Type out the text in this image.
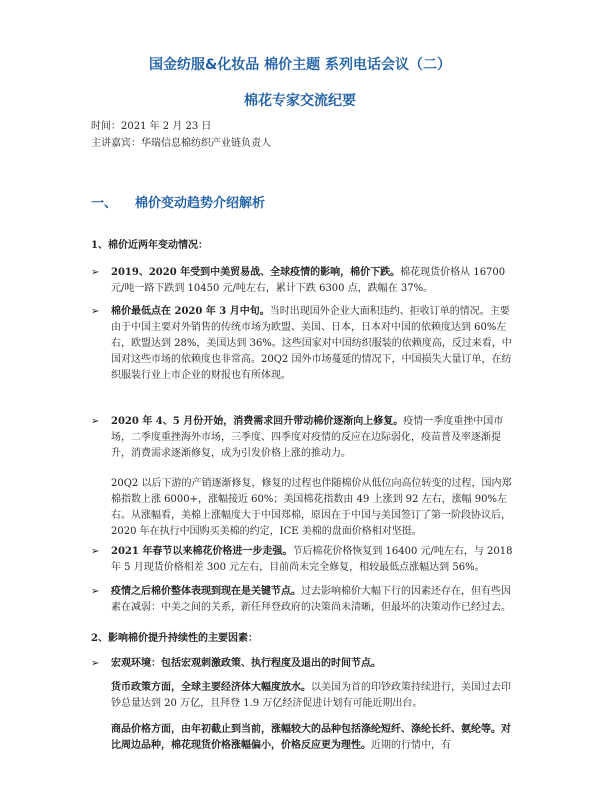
国金纺服&化妆品 棉价主题 系列电话会议（二）
棉花专家交流纪要
时间：2021 年 2 月 23 日
主讲嘉宾：华瑞信息棉纺织产业链负责人
一、 棉价变动趋势介绍解析
1、棉价近两年变动情况：
➢	2019、2020 年受到中美贸易战、全球疫情的影响，棉价下跌。棉花现货价格从 16700 元/吨一路下跌到 10450 元/吨左右，累计下跌 6300 点，跌幅在 37%。
➢	棉价最低点在 2020 年 3 月中旬。当时出现国外企业大面积违约、拒收订单的情况。主要由于中国主要对外销售的传统市场为欧盟、美国、日本，日本对中国的依赖度达到 60%左右，欧盟达到 28%，美国达到 36%。这些国家对中国纺织服装的依赖度高，反过来看，中国对这些市场的依赖度也非常高。20Q2 国外市场蔓延的情况下，中国损失大量订单，在纺织服装行业上市企业的财报也有所体现。
➢	2020 年 4、5 月份开始，消费需求回升带动棉价逐渐向上修复。疫情一季度重挫中国市场，二季度重挫海外市场，三季度、四季度对疫情的反应在边际弱化，疫苗普及率逐渐提升，消费需求逐渐修复，成为引发价格上涨的推动力。
20Q2 以后下游的产销逐渐修复，修复的过程也伴随棉价从低位向高位转变的过程，国内郑棉指数上涨 6000+，涨幅接近 60%；美国棉花指数由 49 上涨到 92 左右，涨幅 90%左右。从涨幅看，美棉上涨幅度大于中国郑棉，原因在于中国与美国签订了第一阶段协议后，2020 年在执行中国购买美棉的约定，ICE 美棉的盘面价格相对坚挺。
➢	2021 年春节以来棉花价格进一步走强。节后棉花价格恢复到 16400 元/吨左右，与 2018 年 5 月现货价格相差 300 元左右，目前尚未完全修复，相较最低点涨幅达到 56%。
➢	疫情之后棉价整体表现到现在是关键节点。过去影响棉价大幅下行的因素还存在，但有些因素在减弱：中美之间的关系，新任拜登政府的决策尚未清晰，但最坏的决策动作已经过去。
2、影响棉价提升持续性的主要因素：
➢	宏观环境：包括宏观刺激政策、执行程度及退出的时间节点。
货币政策方面，全球主要经济体大幅度放水。以美国为首的印钞政策持续进行，美国过去印钞总量达到 20 万亿，且拜登 1.9 万亿经济促进计划有可能近期出台。
商品价格方面，由年初截止到当前，涨幅较大的品种包括涤纶短纤、涤纶长纤、氨纶等。对比周边品种，棉花现货价格涨幅偏小，价格反应更为理性。近期的行情中，有
